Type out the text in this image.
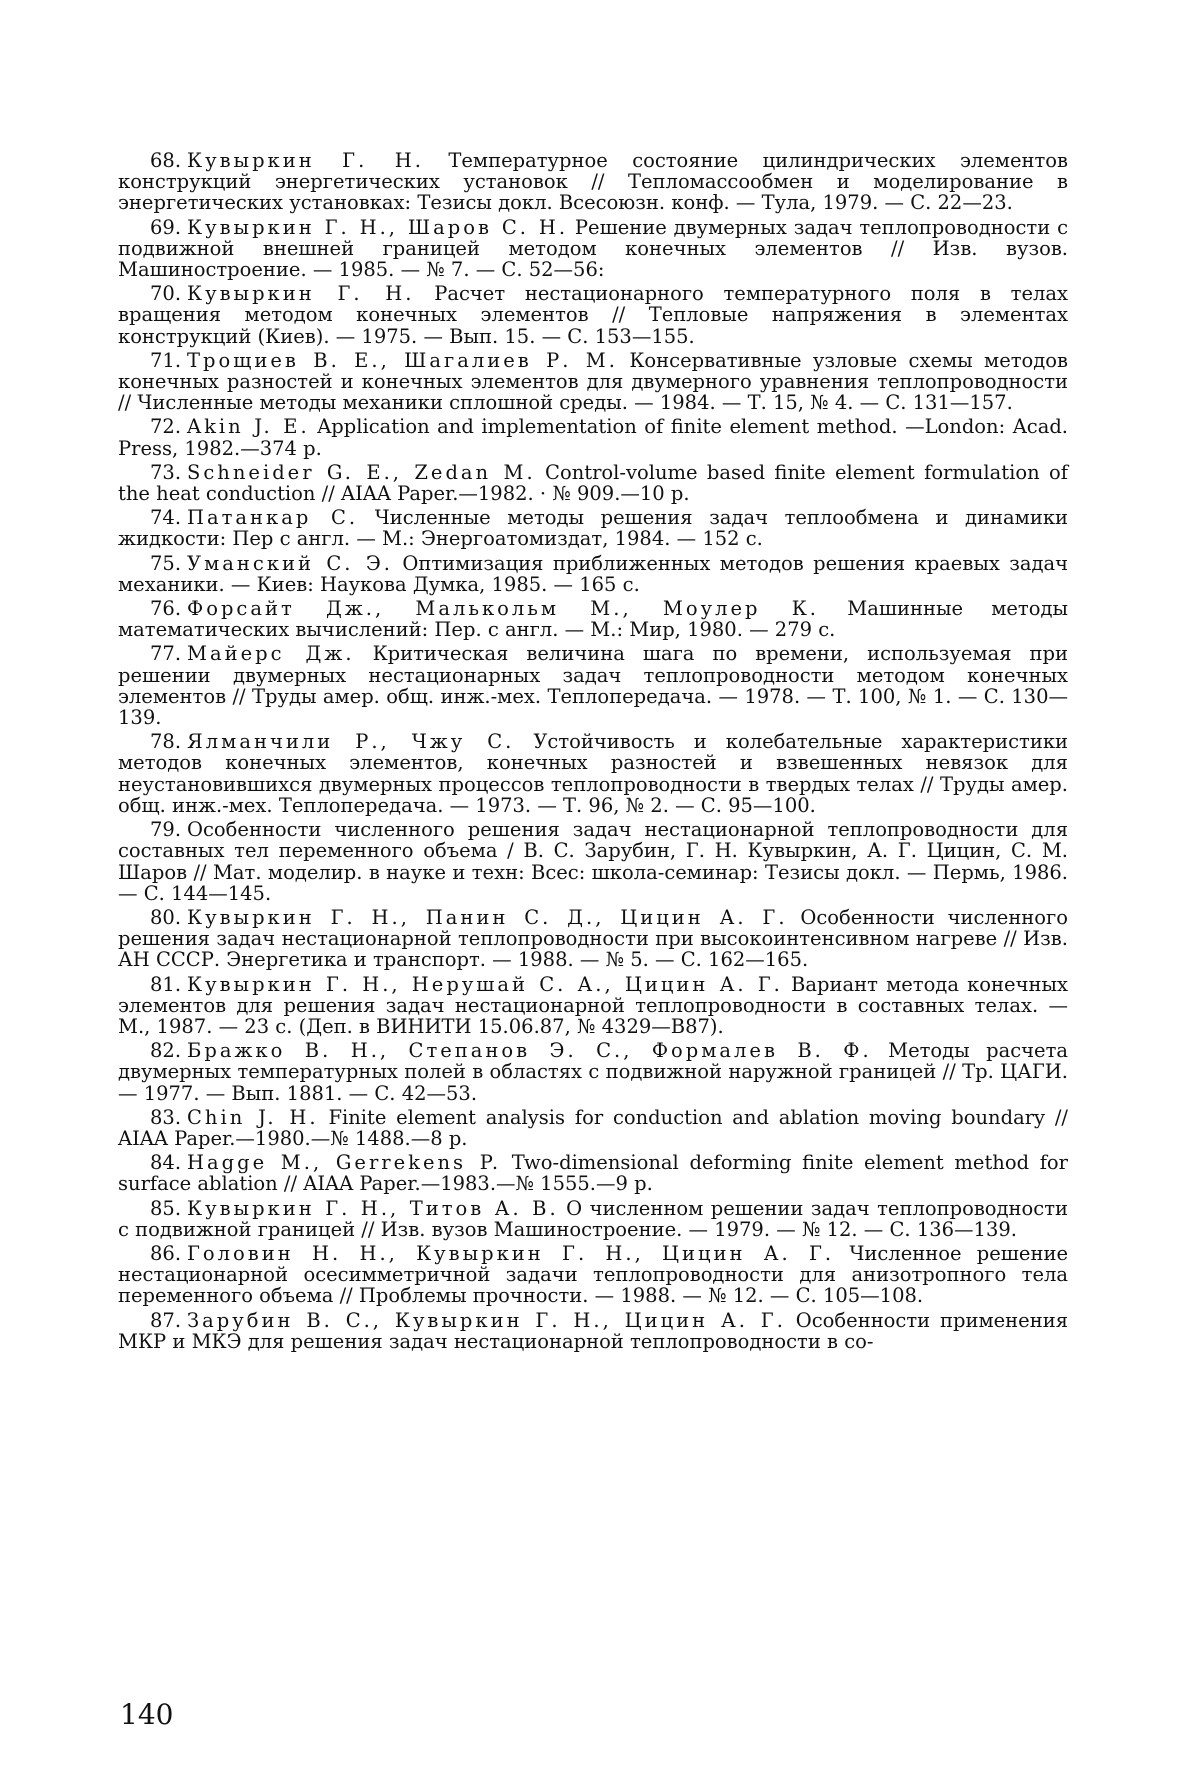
68. Кувыркин Г. Н. Температурное состояние цилиндрических элементов конструкций энергетических установок // Тепломассообмен и моделирование в энергетических установках: Тезисы докл. Всесоюзн. конф. — Тула, 1979. — С. 22—23.

69. Кувыркин Г. Н., Шаров С. Н. Решение двумерных задач теплопроводности с подвижной внешней границей методом конечных элементов // Изв. вузов. Машиностроение. — 1985. — № 7. — С. 52—56:

70. Кувыркин Г. Н. Расчет нестационарного температурного поля в телах вращения методом конечных элементов // Тепловые напряжения в элементах конструкций (Киев). — 1975. — Вып. 15. — С. 153—155.

71. Трощиев В. Е., Шагалиев Р. М. Консервативные узловые схемы методов конечных разностей и конечных элементов для двумерного уравнения теплопроводности // Численные методы механики сплошной среды. — 1984. — Т. 15, № 4. — С. 131—157.

72. Akin J. E. Application and implementation of finite element method. —London: Acad. Press, 1982.—374 p.

73. Schneider G. E., Zedan M. Control-volume based finite element formulation of the heat conduction // AIAA Paper.—1982. · № 909.—10 p.

74. Патанкар С. Численные методы решения задач теплообмена и динамики жидкости: Пер с англ. — М.: Энергоатомиздат, 1984. — 152 с.

75. Уманский С. Э. Оптимизация приближенных методов решения краевых задач механики. — Киев: Наукова Думка, 1985. — 165 с.

76. Форсайт Дж., Малькольм М., Моулер К. Машинные методы математических вычислений: Пер. с англ. — М.: Мир, 1980. — 279 с.

77. Майерс Дж. Критическая величина шага по времени, используемая при решении двумерных нестационарных задач теплопроводности методом конечных элементов // Труды амер. общ. инж.-мех. Теплопередача. — 1978. — Т. 100, № 1. — С. 130—139.

78. Ялманчили Р., Чжу С. Устойчивость и колебательные характеристики методов конечных элементов, конечных разностей и взвешенных невязок для неустановившихся двумерных процессов теплопроводности в твердых телах // Труды амер. общ. инж.-мех. Теплопередача. — 1973. — Т. 96, № 2. — С. 95—100.

79. Особенности численного решения задач нестационарной теплопроводности для составных тел переменного объема / В. С. Зарубин, Г. Н. Кувыркин, А. Г. Цицин, С. М. Шаров // Мат. моделир. в науке и техн: Всес: школа-семинар: Тезисы докл. — Пермь, 1986. — С. 144—145.

80. Кувыркин Г. Н., Панин С. Д., Цицин А. Г. Особенности численного решения задач нестационарной теплопроводности при высокоинтенсивном нагреве // Изв. АН СССР. Энергетика и транспорт. — 1988. — № 5. — С. 162—165.

81. Кувыркин Г. Н., Нерушай С. А., Цицин А. Г. Вариант метода конечных элементов для решения задач нестационарной теплопроводности в составных телах. — М., 1987. — 23 с. (Деп. в ВИНИТИ 15.06.87, № 4329—В87).

82. Бражко В. Н., Степанов Э. С., Формалев В. Ф. Методы расчета двумерных температурных полей в областях с подвижной наружной границей // Тр. ЦАГИ. — 1977. — Вып. 1881. — С. 42—53.

83. Chin J. H. Finite element analysis for conduction and ablation moving boundary // AIAA Paper.—1980.—№ 1488.—8 p.

84. Hagge M., Gerrekens P. Two-dimensional deforming finite element method for surface ablation // AIAA Paper.—1983.—№ 1555.—9 p.

85. Кувыркин Г. Н., Титов А. В. О численном решении задач теплопроводности с подвижной границей // Изв. вузов Машиностроение. — 1979. — № 12. — С. 136—139.

86. Головин Н. Н., Кувыркин Г. Н., Цицин А. Г. Численное решение нестационарной осесимметричной задачи теплопроводности для анизотропного тела переменного объема // Проблемы прочности. — 1988. — № 12. — С. 105—108.

87. Зарубин В. С., Кувыркин Г. Н., Цицин А. Г. Особенности применения МКР и МКЭ для решения задач нестационарной теплопроводности в со-

140
